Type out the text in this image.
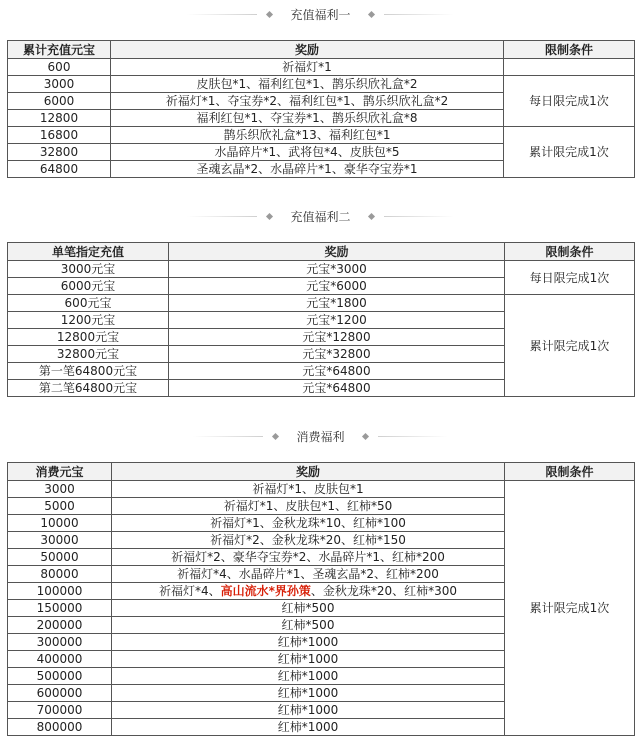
充值福利一
累计充值元宝	奖励	限制条件
600	祈福灯*1	
3000	皮肤包*1、福利红包*1、鹊乐织欣礼盒*2	每日限完成1次
6000	祈福灯*1、夺宝券*2、福利红包*1、鹊乐织欣礼盒*2	
12800	福利红包*1、夺宝券*1、鹊乐织欣礼盒*8	
16800	鹊乐织欣礼盒*13、福利红包*1	累计限完成1次
32800	水晶碎片*1、武将包*4、皮肤包*5	
64800	圣魂玄晶*2、水晶碎片*1、豪华夺宝券*1	
充值福利二
单笔指定充值	奖励	限制条件
3000元宝	元宝*3000	每日限完成1次
6000元宝	元宝*6000	
600元宝	元宝*1800	累计限完成1次
1200元宝	元宝*1200	
12800元宝	元宝*12800	
32800元宝	元宝*32800	
第一笔64800元宝	元宝*64800	
第二笔64800元宝	元宝*64800	
消费福利
消费元宝	奖励	限制条件
3000	祈福灯*1、皮肤包*1	累计限完成1次
5000	祈福灯*1、皮肤包*1、红柿*50	
10000	祈福灯*1、金秋龙珠*10、红柿*100	
30000	祈福灯*2、金秋龙珠*20、红柿*150	
50000	祈福灯*2、豪华夺宝券*2、水晶碎片*1、红柿*200	
80000	祈福灯*4、水晶碎片*1、圣魂玄晶*2、红柿*200	
100000	祈福灯*4、高山流水*界孙策、金秋龙珠*20、红柿*300	
150000	红柿*500	
200000	红柿*500	
300000	红柿*1000	
400000	红柿*1000	
500000	红柿*1000	
600000	红柿*1000	
700000	红柿*1000	
800000	红柿*1000	
